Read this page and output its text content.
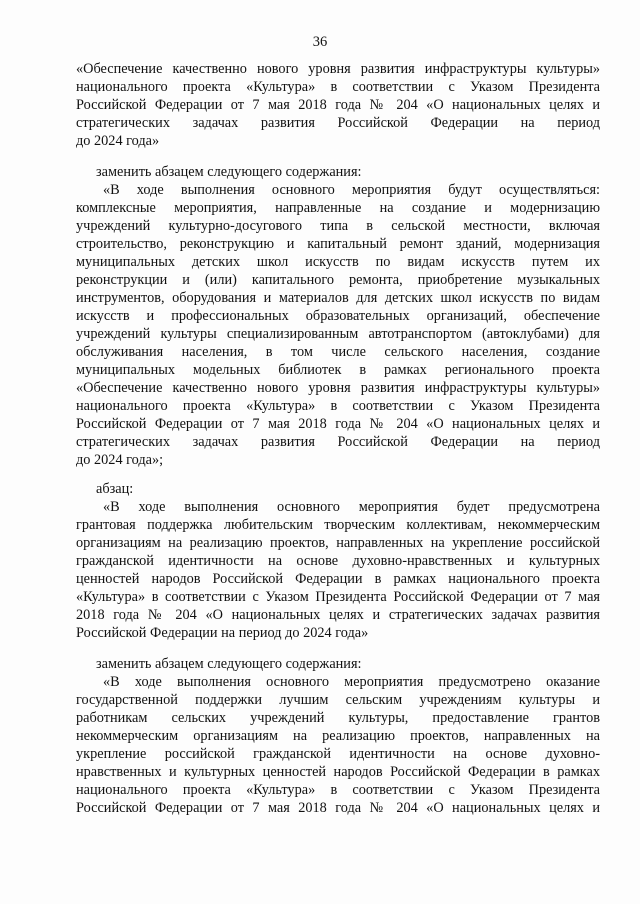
36
«Обеспечение качественно нового уровня развития инфраструктуры культуры»
национального проекта «Культура» в соответствии с Указом Президента
Российской Федерации от 7 мая 2018 года № 204 «О национальных целях и
стратегических задачах развития Российской Федерации на период
до 2024 года»
заменить абзацем следующего содержания:
«В ходе выполнения основного мероприятия будут осуществляться:
комплексные мероприятия, направленные на создание и модернизацию
учреждений культурно-досугового типа в сельской местности, включая
строительство, реконструкцию и капитальный ремонт зданий, модернизация
муниципальных детских школ искусств по видам искусств путем их
реконструкции и (или) капитального ремонта, приобретение музыкальных
инструментов, оборудования и материалов для детских школ искусств по видам
искусств и профессиональных образовательных организаций, обеспечение
учреждений культуры специализированным автотранспортом (автоклубами) для
обслуживания населения, в том числе сельского населения, создание
муниципальных модельных библиотек в рамках регионального проекта
«Обеспечение качественно нового уровня развития инфраструктуры культуры»
национального проекта «Культура» в соответствии с Указом Президента
Российской Федерации от 7 мая 2018 года № 204 «О национальных целях и
стратегических задачах развития Российской Федерации на период
до 2024 года»;
абзац:
«В ходе выполнения основного мероприятия будет предусмотрена
грантовая поддержка любительским творческим коллективам, некоммерческим
организациям на реализацию проектов, направленных на укрепление российской
гражданской идентичности на основе духовно-нравственных и культурных
ценностей народов Российской Федерации в рамках национального проекта
«Культура» в соответствии с Указом Президента Российской Федерации от 7 мая
2018 года № 204 «О национальных целях и стратегических задачах развития
Российской Федерации на период до 2024 года»
заменить абзацем следующего содержания:
«В ходе выполнения основного мероприятия предусмотрено оказание
государственной поддержки лучшим сельским учреждениям культуры и
работникам сельских учреждений культуры, предоставление грантов
некоммерческим организациям на реализацию проектов, направленных на
укрепление российской гражданской идентичности на основе духовно-
нравственных и культурных ценностей народов Российской Федерации в рамках
национального проекта «Культура» в соответствии с Указом Президента
Российской Федерации от 7 мая 2018 года № 204 «О национальных целях и
